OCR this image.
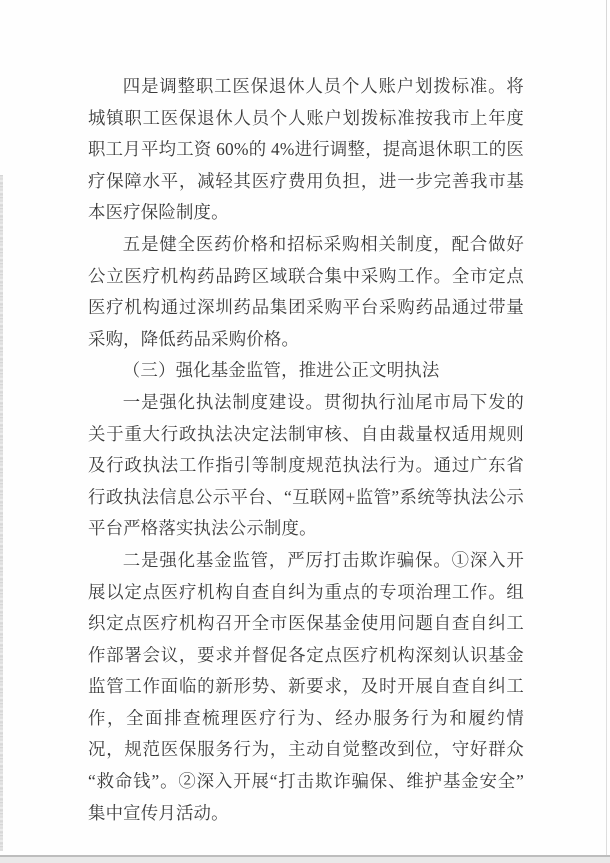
四是调整职工医保退休人员个人账户划拨标准。将城镇职工医保退休人员个人账户划拨标准按我市上年度职工月平均工资 60%的 4%进行调整，提高退休职工的医疗保障水平，减轻其医疗费用负担，进一步完善我市基本医疗保险制度。

五是健全医药价格和招标采购相关制度，配合做好公立医疗机构药品跨区域联合集中采购工作。全市定点医疗机构通过深圳药品集团采购平台采购药品通过带量采购，降低药品采购价格。

（三）强化基金监管，推进公正文明执法

一是强化执法制度建设。贯彻执行汕尾市局下发的关于重大行政执法决定法制审核、自由裁量权适用规则及行政执法工作指引等制度规范执法行为。通过广东省行政执法信息公示平台、“互联网+监管”系统等执法公示平台严格落实执法公示制度。

二是强化基金监管，严厉打击欺诈骗保。①深入开展以定点医疗机构自查自纠为重点的专项治理工作。组织定点医疗机构召开全市医保基金使用问题自查自纠工作部署会议，要求并督促各定点医疗机构深刻认识基金监管工作面临的新形势、新要求，及时开展自查自纠工作，全面排查梳理医疗行为、经办服务行为和履约情况，规范医保服务行为，主动自觉整改到位，守好群众“救命钱”。②深入开展“打击欺诈骗保、维护基金安全”集中宣传月活动。
